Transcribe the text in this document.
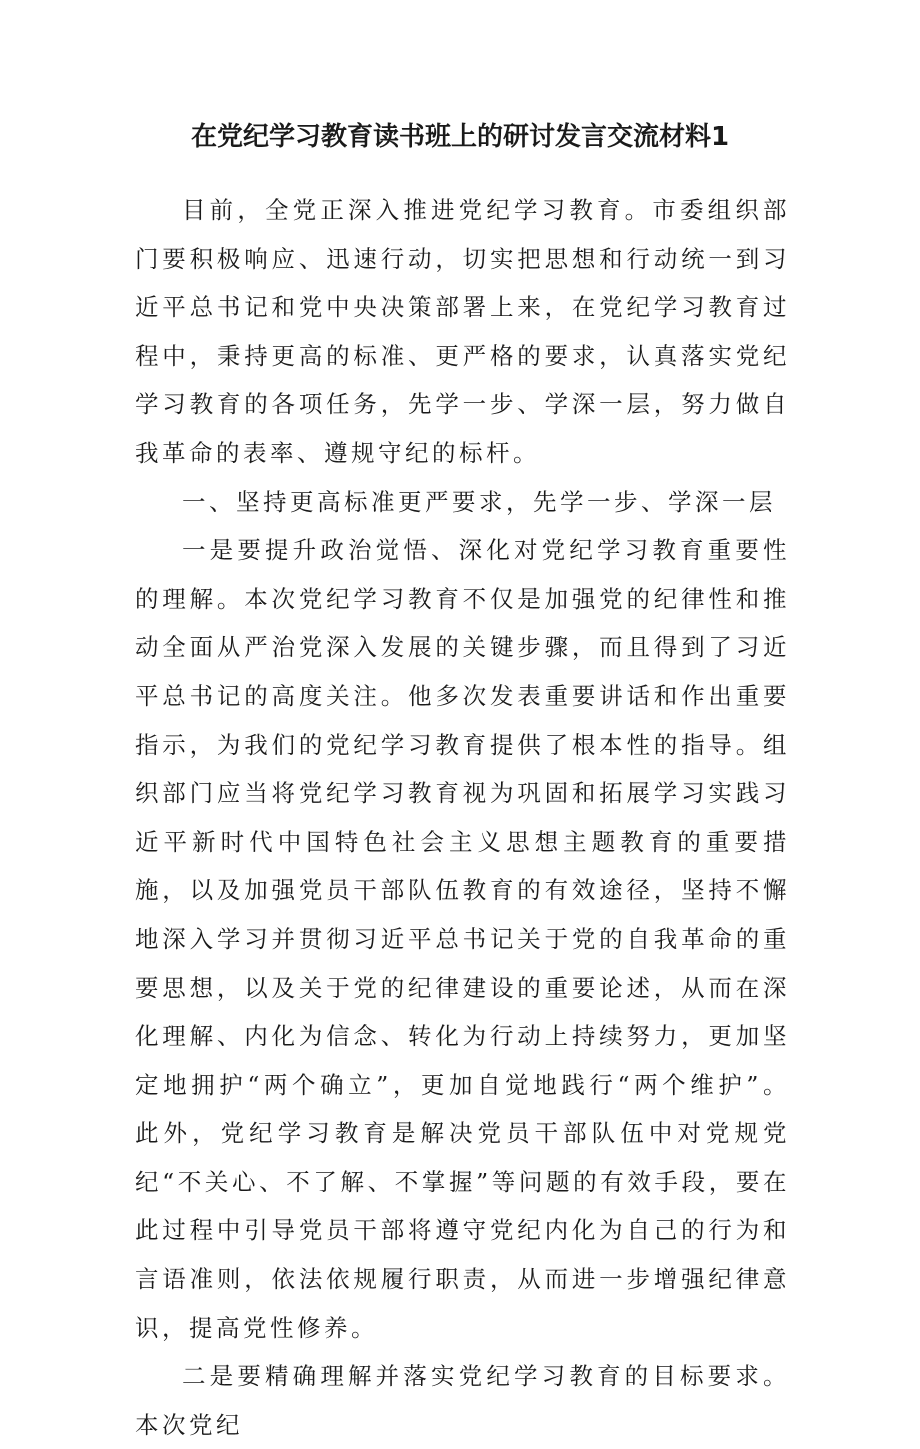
在党纪学习教育读书班上的研讨发言交流材料1

目前，全党正深入推进党纪学习教育。市委组织部门要积极响应、迅速行动，切实把思想和行动统一到习近平总书记和党中央决策部署上来，在党纪学习教育过程中，秉持更高的标准、更严格的要求，认真落实党纪学习教育的各项任务，先学一步、学深一层，努力做自我革命的表率、遵规守纪的标杆。

一、坚持更高标准更严要求，先学一步、学深一层

一是要提升政治觉悟、深化对党纪学习教育重要性的理解。本次党纪学习教育不仅是加强党的纪律性和推动全面从严治党深入发展的关键步骤，而且得到了习近平总书记的高度关注。他多次发表重要讲话和作出重要指示，为我们的党纪学习教育提供了根本性的指导。组织部门应当将党纪学习教育视为巩固和拓展学习实践习近平新时代中国特色社会主义思想主题教育的重要措施，以及加强党员干部队伍教育的有效途径，坚持不懈地深入学习并贯彻习近平总书记关于党的自我革命的重要思想，以及关于党的纪律建设的重要论述，从而在深化理解、内化为信念、转化为行动上持续努力，更加坚定地拥护“两个确立”，更加自觉地践行“两个维护”。此外，党纪学习教育是解决党员干部队伍中对党规党纪“不关心、不了解、不掌握”等问题的有效手段，要在此过程中引导党员干部将遵守党纪内化为自己的行为和言语准则，依法依规履行职责，从而进一步增强纪律意识，提高党性修养。

二是要精确理解并落实党纪学习教育的目标要求。本次党纪
